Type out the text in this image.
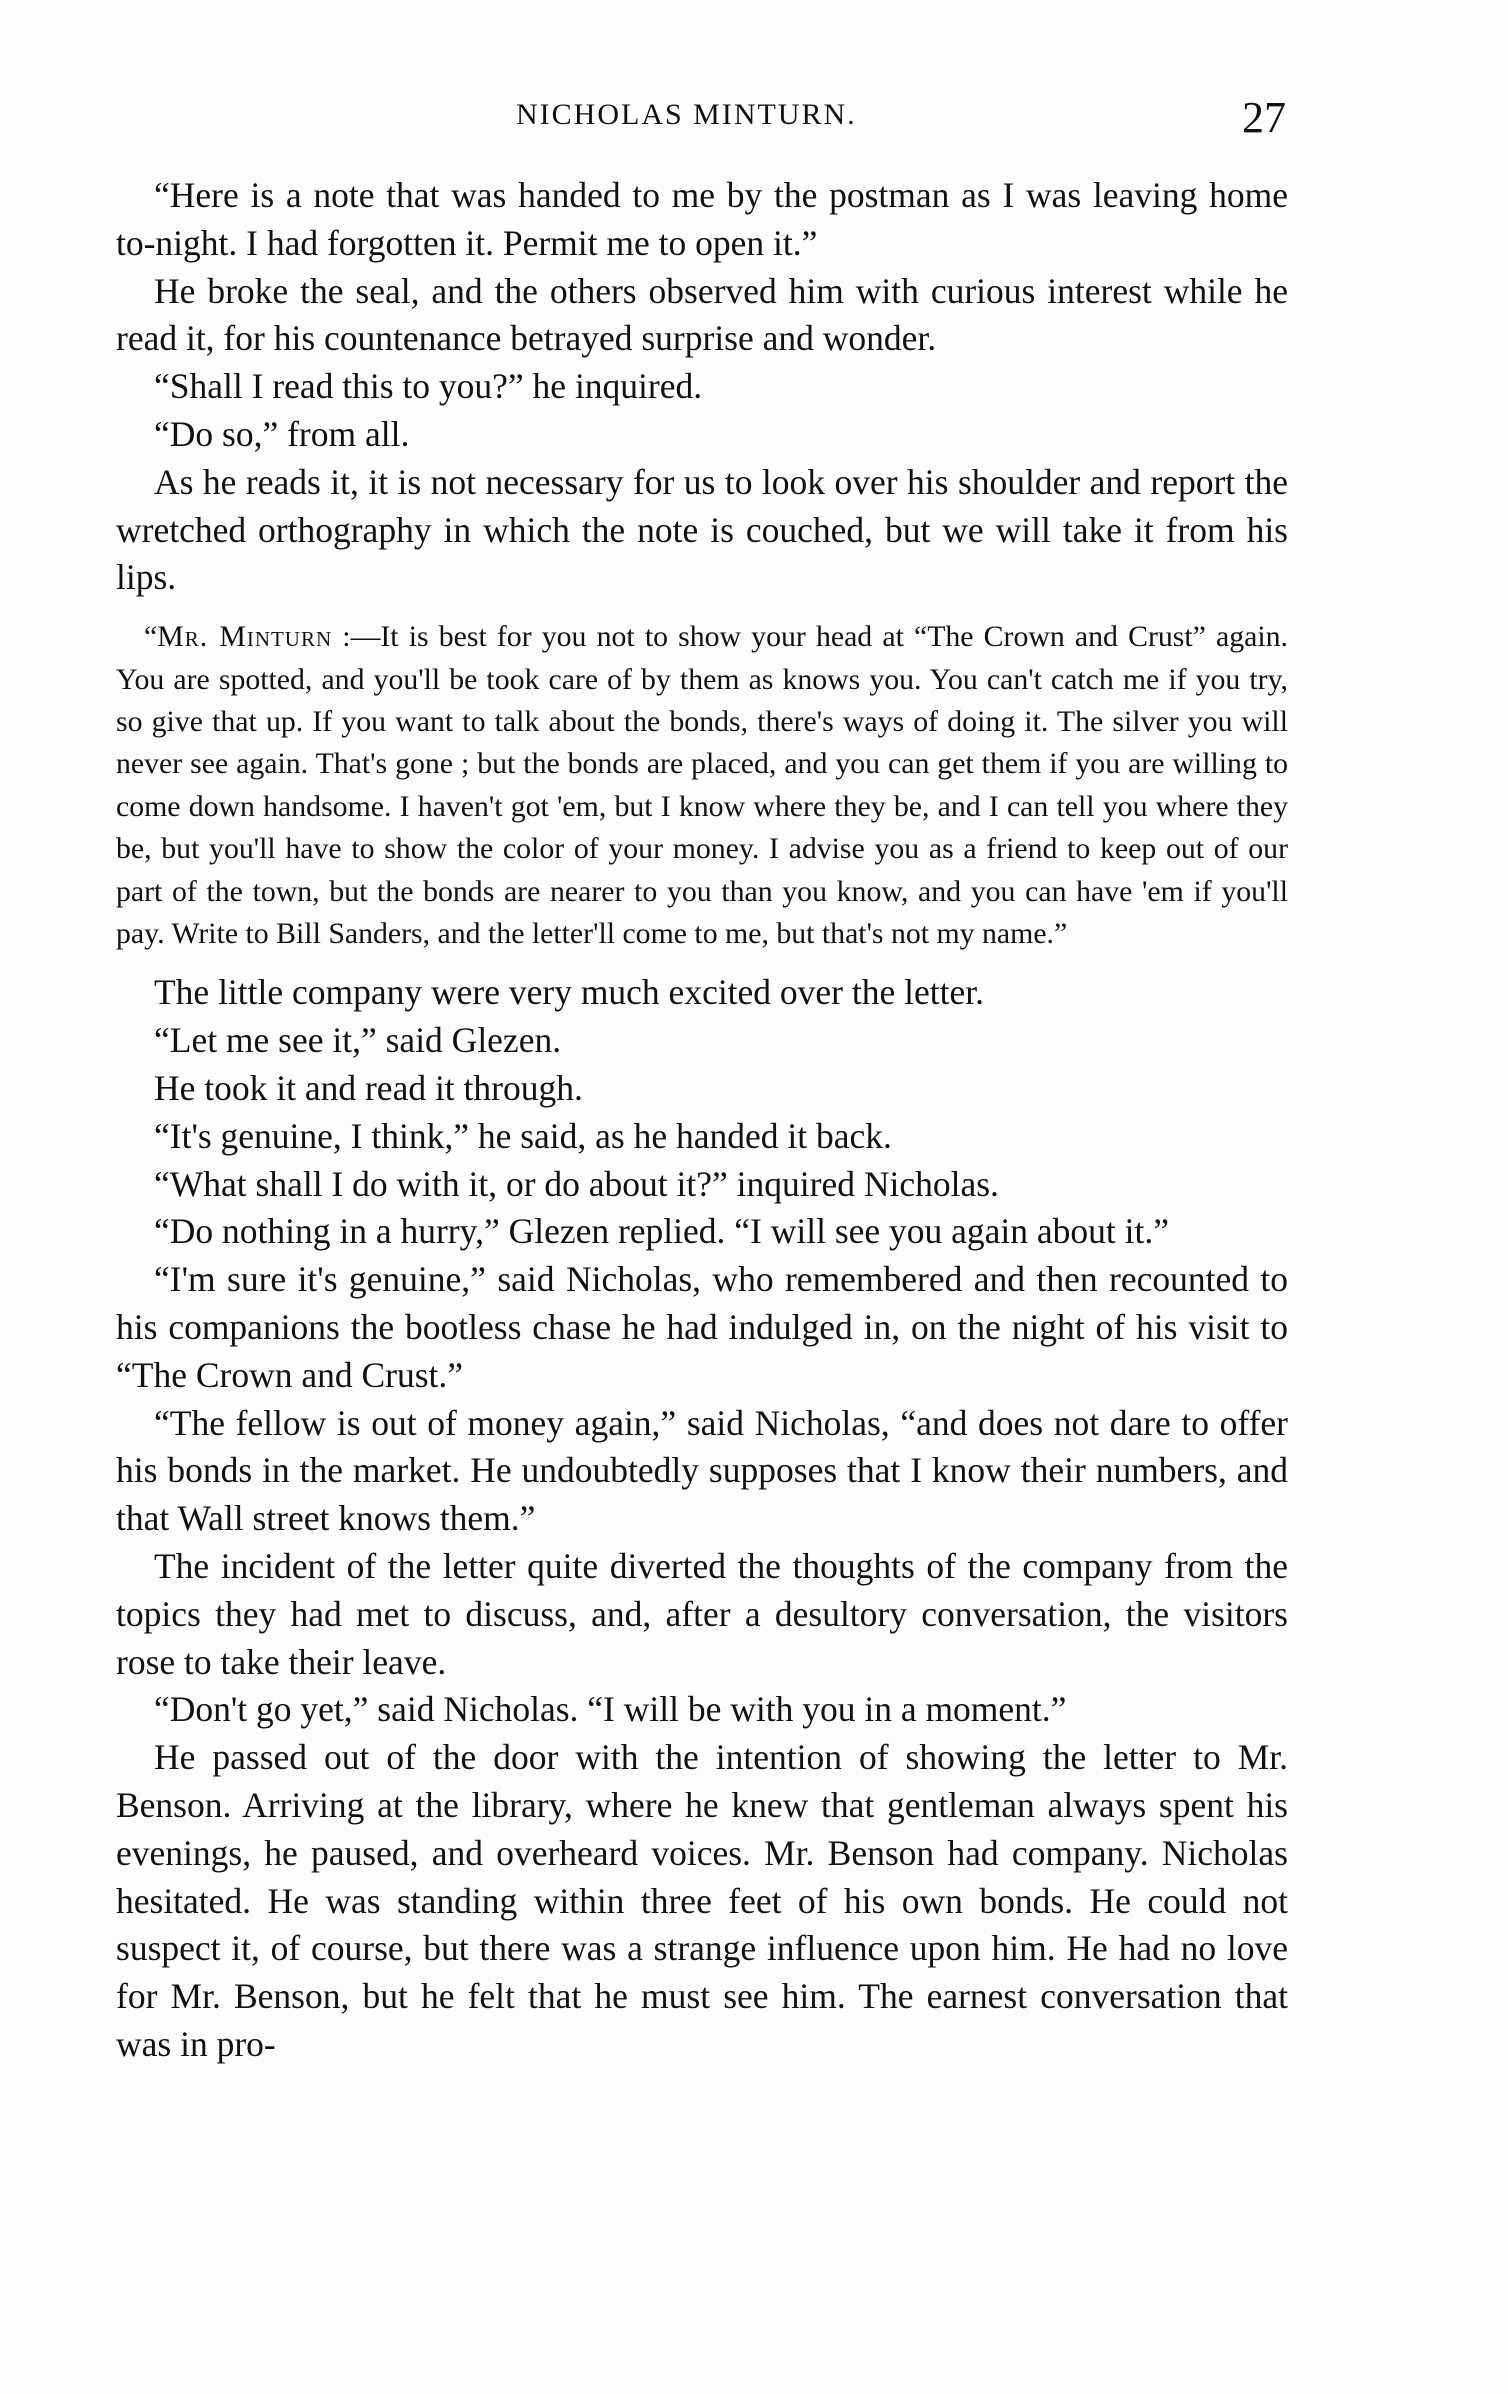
NICHOLAS MINTURN.	27

“Here is a note that was handed to me by the postman as I was leaving home to-night. I had forgotten it. Permit me to open it.”

He broke the seal, and the others observed him with curious interest while he read it, for his countenance betrayed surprise and wonder.

“Shall I read this to you?” he inquired.

“Do so,” from all.

As he reads it, it is not necessary for us to look over his shoulder and report the wretched orthography in which the note is couched, but we will take it from his lips.

“Mr. Minturn :—It is best for you not to show your head at “The Crown and Crust” again. You are spotted, and you'll be took care of by them as knows you. You can't catch me if you try, so give that up. If you want to talk about the bonds, there's ways of doing it. The silver you will never see again. That's gone ; but the bonds are placed, and you can get them if you are willing to come down handsome. I haven't got 'em, but I know where they be, and I can tell you where they be, but you'll have to show the color of your money. I advise you as a friend to keep out of our part of the town, but the bonds are nearer to you than you know, and you can have 'em if you'll pay. Write to Bill Sanders, and the letter'll come to me, but that's not my name.”

The little company were very much excited over the letter.

“Let me see it,” said Glezen.

He took it and read it through.

“It's genuine, I think,” he said, as he handed it back.

“What shall I do with it, or do about it?” inquired Nicholas.

“Do nothing in a hurry,” Glezen replied. “I will see you again about it.”

“I'm sure it's genuine,” said Nicholas, who remembered and then recounted to his companions the bootless chase he had indulged in, on the night of his visit to “The Crown and Crust.”

“The fellow is out of money again,” said Nicholas, “and does not dare to offer his bonds in the market. He undoubtedly supposes that I know their numbers, and that Wall street knows them.”

The incident of the letter quite diverted the thoughts of the company from the topics they had met to discuss, and, after a desultory conversation, the visitors rose to take their leave.

“Don't go yet,” said Nicholas. “I will be with you in a moment.”

He passed out of the door with the intention of showing the letter to Mr. Benson. Arriving at the library, where he knew that gentleman always spent his evenings, he paused, and overheard voices. Mr. Benson had company. Nicholas hesitated. He was standing within three feet of his own bonds. He could not suspect it, of course, but there was a strange influence upon him. He had no love for Mr. Benson, but he felt that he must see him. The earnest conversation that was in pro-
